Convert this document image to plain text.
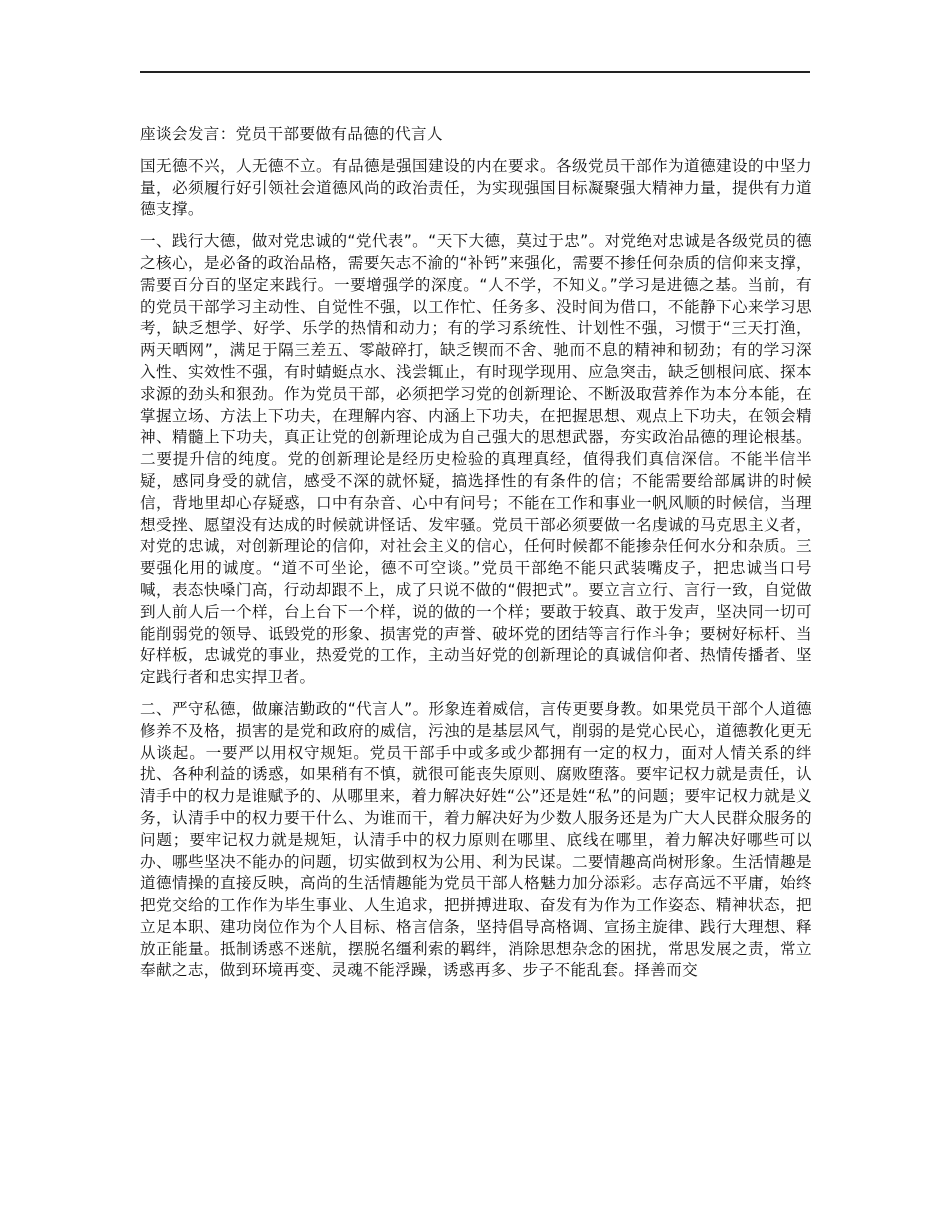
座谈会发言：党员干部要做有品德的代言人
国无德不兴，人无德不立。有品德是强国建设的内在要求。各级党员干部作为道德建设的中坚力量，必须履行好引领社会道德风尚的政治责任，为实现强国目标凝聚强大精神力量，提供有力道德支撑。
一、践行大德，做对党忠诚的“党代表”。“天下大德，莫过于忠”。对党绝对忠诚是各级党员的德之核心，是必备的政治品格，需要矢志不渝的“补钙”来强化，需要不掺任何杂质的信仰来支撑，需要百分百的坚定来践行。一要增强学的深度。“人不学，不知义。”学习是进德之基。当前，有的党员干部学习主动性、自觉性不强，以工作忙、任务多、没时间为借口，不能静下心来学习思考，缺乏想学、好学、乐学的热情和动力；有的学习系统性、计划性不强，习惯于“三天打渔，两天晒网”，满足于隔三差五、零敲碎打，缺乏锲而不舍、驰而不息的精神和韧劲；有的学习深入性、实效性不强，有时蜻蜓点水、浅尝辄止，有时现学现用、应急突击，缺乏刨根问底、探本求源的劲头和狠劲。作为党员干部，必须把学习党的创新理论、不断汲取营养作为本分本能，在掌握立场、方法上下功夫，在理解内容、内涵上下功夫，在把握思想、观点上下功夫，在领会精神、精髓上下功夫，真正让党的创新理论成为自己强大的思想武器，夯实政治品德的理论根基。二要提升信的纯度。党的创新理论是经历史检验的真理真经，值得我们真信深信。不能半信半疑，感同身受的就信，感受不深的就怀疑，搞选择性的有条件的信；不能需要给部属讲的时候信，背地里却心存疑惑，口中有杂音、心中有问号；不能在工作和事业一帆风顺的时候信，当理想受挫、愿望没有达成的时候就讲怪话、发牢骚。党员干部必须要做一名虔诚的马克思主义者，对党的忠诚，对创新理论的信仰，对社会主义的信心，任何时候都不能掺杂任何水分和杂质。三要强化用的诚度。“道不可坐论，德不可空谈。”党员干部绝不能只武装嘴皮子，把忠诚当口号喊，表态快嗓门高，行动却跟不上，成了只说不做的“假把式”。要立言立行、言行一致，自觉做到人前人后一个样，台上台下一个样，说的做的一个样；要敢于较真、敢于发声，坚决同一切可能削弱党的领导、诋毁党的形象、损害党的声誉、破坏党的团结等言行作斗争；要树好标杆、当好样板，忠诚党的事业，热爱党的工作，主动当好党的创新理论的真诚信仰者、热情传播者、坚定践行者和忠实捍卫者。
二、严守私德，做廉洁勤政的“代言人”。形象连着威信，言传更要身教。如果党员干部个人道德修养不及格，损害的是党和政府的威信，污浊的是基层风气，削弱的是党心民心，道德教化更无从谈起。一要严以用权守规矩。党员干部手中或多或少都拥有一定的权力，面对人情关系的绊扰、各种利益的诱惑，如果稍有不慎，就很可能丧失原则、腐败堕落。要牢记权力就是责任，认清手中的权力是谁赋予的、从哪里来，着力解决好姓“公”还是姓“私”的问题；要牢记权力就是义务，认清手中的权力要干什么、为谁而干，着力解决好为少数人服务还是为广大人民群众服务的问题；要牢记权力就是规矩，认清手中的权力原则在哪里、底线在哪里，着力解决好哪些可以办、哪些坚决不能办的问题，切实做到权为公用、利为民谋。二要情趣高尚树形象。生活情趣是道德情操的直接反映，高尚的生活情趣能为党员干部人格魅力加分添彩。志存高远不平庸，始终把党交给的工作作为毕生事业、人生追求，把拼搏进取、奋发有为作为工作姿态、精神状态，把立足本职、建功岗位作为个人目标、格言信条，坚持倡导高格调、宣扬主旋律、践行大理想、释放正能量。抵制诱惑不迷航，摆脱名缰利索的羁绊，消除思想杂念的困扰，常思发展之责，常立奉献之志，做到环境再变、灵魂不能浮躁，诱惑再多、步子不能乱套。择善而交
